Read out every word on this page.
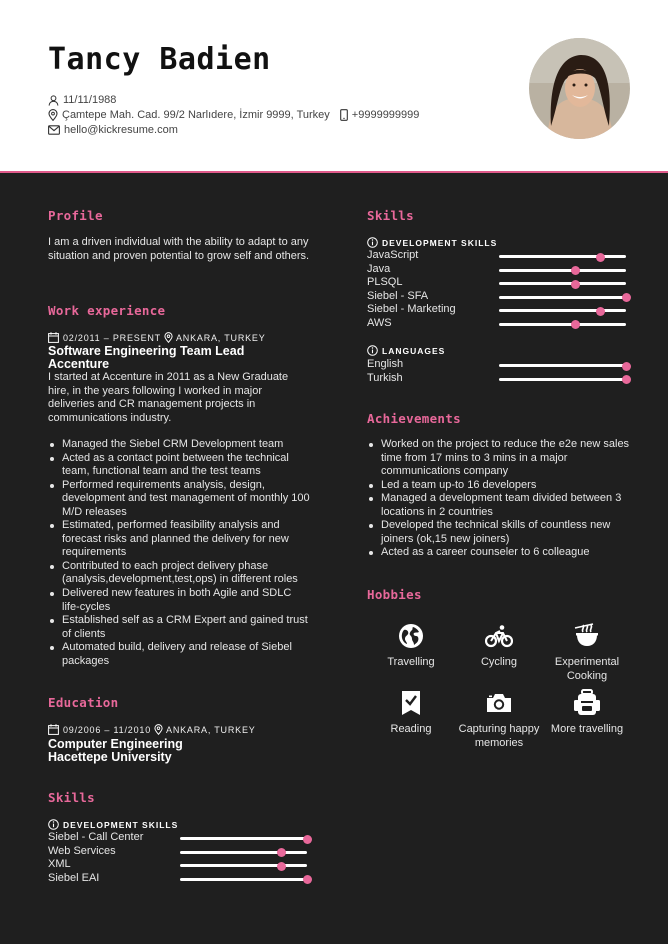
Tancy Badien
11/11/1988
Çamtepe Mah. Cad. 99/2 Narlıdere, İzmir 9999, Turkey +9999999999
hello@kickresume.com
Profile
I am a driven individual with the ability to adapt to any situation and proven potential to grow self and others.
Work experience
02/2011 – PRESENT ANKARA, TURKEY
Software Engineering Team Lead
Accenture
I started at Accenture in 2011 as a New Graduate hire, in the years following I worked in major deliveries and CR management projects in communications industry.
Managed the Siebel CRM Development team
Acted as a contact point between the technical team, functional team and the test teams
Performed requirements analysis, design, development and test management of monthly 100 M/D releases
Estimated, performed feasibility analysis and forecast risks and planned the delivery for new requirements
Contributed to each project delivery phase (analysis,development,test,ops) in different roles
Delivered new features in both Agile and SDLC life-cycles
Established self as a CRM Expert and gained trust of clients
Automated build, delivery and release of Siebel packages
Education
09/2006 – 11/2010 ANKARA, TURKEY
Computer Engineering
Hacettepe University
Skills
DEVELOPMENT SKILLS
Siebel - Call Center
Web Services
XML
Siebel EAI
Skills
DEVELOPMENT SKILLS
JavaScript
Java
PLSQL
Siebel - SFA
Siebel - Marketing
AWS
LANGUAGES
English
Turkish
Achievements
Worked on the project to reduce the e2e new sales time from 17 mins to 3 mins in a major communications company
Led a team up-to 16 developers
Managed a development team divided between 3 locations in 2 countries
Developed the technical skills of countless new joiners (ok,15 new joiners)
Acted as a career counseler to 6 colleague
Hobbies
Travelling	Cycling	Experimental Cooking
Reading	Capturing happy memories
More travelling
